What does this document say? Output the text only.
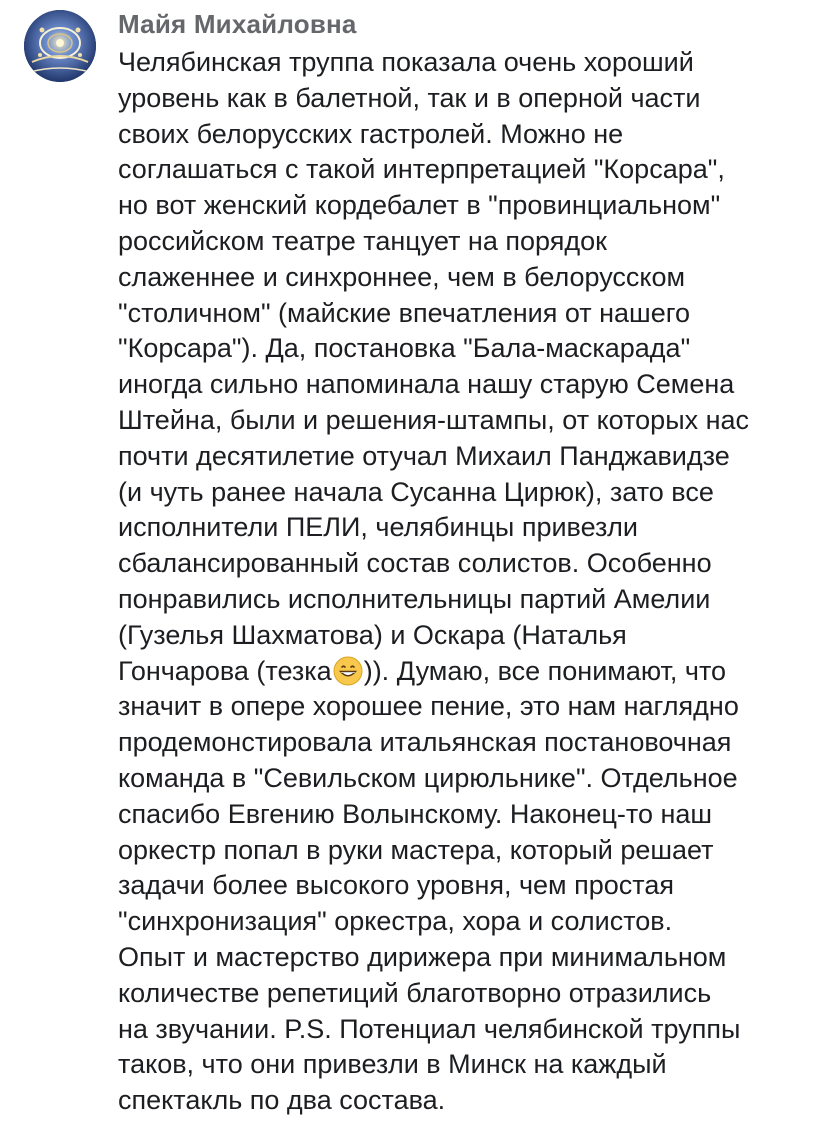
Майя Михайловна
Челябинская труппа показала очень хороший
уровень как в балетной, так и в оперной части
своих белорусских гастролей. Можно не
соглашаться с такой интерпретацией "Корсара",
но вот женский кордебалет в "провинциальном"
российском театре танцует на порядок
слаженнее и синхроннее, чем в белорусском
"столичном" (майские впечатления от нашего
"Корсара"). Да, постановка "Бала-маскарада"
иногда сильно напоминала нашу старую Семена
Штейна, были и решения-штампы, от которых нас
почти десятилетие отучал Михаил Панджавидзе
(и чуть ранее начала Сусанна Цирюк), зато все
исполнители ПЕЛИ, челябинцы привезли
сбалансированный состав солистов. Особенно
понравились исполнительницы партий Амелии
(Гузелья Шахматова) и Оскара (Наталья
Гончарова (тезка )). Думаю, все понимают, что
значит в опере хорошее пение, это нам наглядно
продемонстировала итальянская постановочная
команда в "Севильском цирюльнике". Отдельное
спасибо Евгению Волынскому. Наконец-то наш
оркестр попал в руки мастера, который решает
задачи более высокого уровня, чем простая
"синхронизация" оркестра, хора и солистов.
Опыт и мастерство дирижера при минимальном
количестве репетиций благотворно отразились
на звучании. P.S. Потенциал челябинской труппы
таков, что они привезли в Минск на каждый
спектакль по два состава.
